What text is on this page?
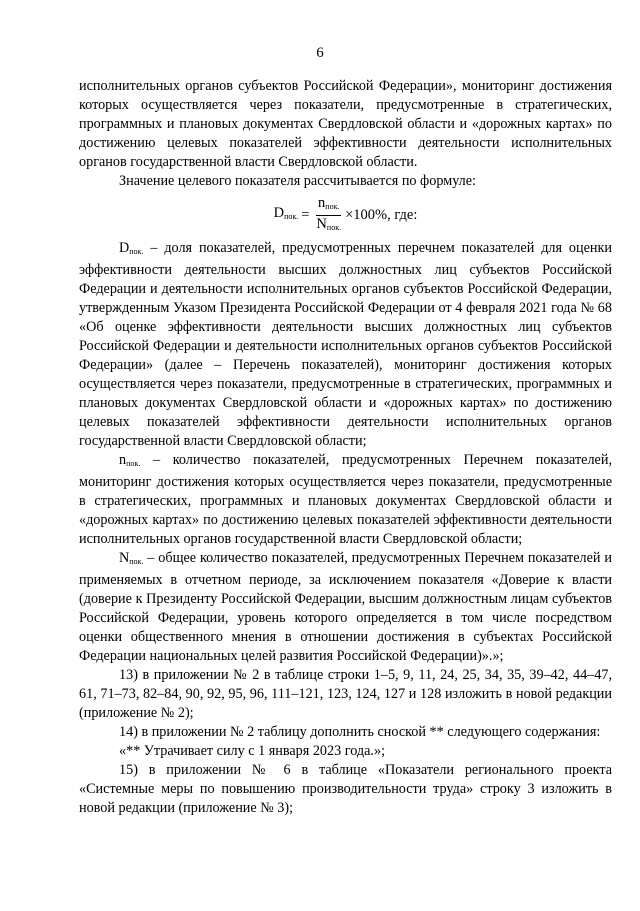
6

исполнительных органов субъектов Российской Федерации», мониторинг достижения которых осуществляется через показатели, предусмотренные в стратегических, программных и плановых документах Свердловской области и «дорожных картах» по достижению целевых показателей эффективности деятельности исполнительных органов государственной власти Свердловской области.

Значение целевого показателя рассчитывается по формуле:

$D_{пок.} = \frac{n_{пок.}}{N_{пок.}} \times 100\%$, где:

$D_{пок.}$ – доля показателей, предусмотренных перечнем показателей для оценки эффективности деятельности высших должностных лиц субъектов Российской Федерации и деятельности исполнительных органов субъектов Российской Федерации, утвержденным Указом Президента Российской Федерации от 4 февраля 2021 года № 68 «Об оценке эффективности деятельности высших должностных лиц субъектов Российской Федерации и деятельности исполнительных органов субъектов Российской Федерации» (далее – Перечень показателей), мониторинг достижения которых осуществляется через показатели, предусмотренные в стратегических, программных и плановых документах Свердловской области и «дорожных картах» по достижению целевых показателей эффективности деятельности исполнительных органов государственной власти Свердловской области;

$n_{пок.}$ – количество показателей, предусмотренных Перечнем показателей, мониторинг достижения которых осуществляется через показатели, предусмотренные в стратегических, программных и плановых документах Свердловской области и «дорожных картах» по достижению целевых показателей эффективности деятельности исполнительных органов государственной власти Свердловской области;

$N_{пок.}$ – общее количество показателей, предусмотренных Перечнем показателей и применяемых в отчетном периоде, за исключением показателя «Доверие к власти (доверие к Президенту Российской Федерации, высшим должностным лицам субъектов Российской Федерации, уровень которого определяется в том числе посредством оценки общественного мнения в отношении достижения в субъектах Российской Федерации национальных целей развития Российской Федерации)».»;

13) в приложении № 2 в таблице строки 1–5, 9, 11, 24, 25, 34, 35, 39–42, 44–47, 61, 71–73, 82–84, 90, 92, 95, 96, 111–121, 123, 124, 127 и 128 изложить в новой редакции (приложение № 2);

14) в приложении № 2 таблицу дополнить сноской ** следующего содержания:

«** Утрачивает силу с 1 января 2023 года.»;

15) в приложении № 6 в таблице «Показатели регионального проекта «Системные меры по повышению производительности труда» строку 3 изложить в новой редакции (приложение № 3);
